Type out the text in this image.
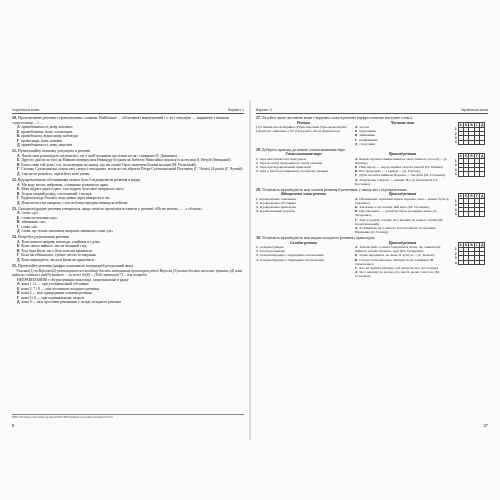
Українська мова	Варіант 1
20.Пропозитивне речення з правопisними словами: Найбільше ... об'єктивне (виконуваний і т. ін.) ситуацію ..., виражене з іншими строгостями ... і ...
А правобічнимості, мову, юзілвато
Б правобічними, коли, хлопатаних
В правобічнощ, відносному, наблюдає
Г правоганди, коли, наповів
Д правобічнимості, мову, нацелеїв
21.Пунктуаційну помилку допущено в реченні
А Часом мені розповідать так вчитись, що у моїй починали ми тільки після і сіяннями (О. Довженко).
Б Другого дня після того як Мавкою повернулися Никандру й одним як Ізабеллу Николайко пуклися їх на вулиці (І. Нечуй-Левицький).
В Благосливе той день і час, коли вперше на шляху, що ми схонів Тарас малюючи Божим моляни (М. Рильський).
Г Стоянку Сухомлинські тільки свої спокусі почорнимо, котла не так зброяти Петра Сухомлинський Полтавою (С. Чутка) 24 рокіп (Г. Чуткий).
Д І ще не не розуміло, скрізь його нові умови.
22.Відокремленими обставинами можна було б відокремити речення в рядку
А Ми воду несли, набравши, з повними діжками по ярам.
Б Мені відуют одного-двох, а не відразу було миті вечірнього світу.
В Згодом міцний розвід, з волощевий, і тиснув.
Г Відкопав воду Ошсапу, вона дивна через виворіття в очі.
Д Вона шелестіла хмарами, і згасли безпосередньо вимкнула пейзажі.
23.Складнопідрядне речення утвориться, якщо замість пропусків вставити у реченні «Мі не знаємо, ... , є обличи»
А слово «де»
Б словосполучення «що»
В займенник «ні»
Г слово «ні»
Д слова, що тільки захопився ампроми, навинали слова «де»
24.Потребує редагування речення
А Коли немало неправу невзгоди, а вийшов я з дому.
Б Коли світло вийшло, несли пісенний слід.
В Тоді буди Коли, що у його колієни пронешли.
Г Коли ми обмінялись, тупіше світло та завдання.
Д Коли вирощують, ми далі йшли як працювати.
25.Прочитайте речення (цифри позначають попередній розділовий знак)
Учасник(1) за Вересню(2) розташувалося в колійому досить наповненим простором річкої Вереска,(3) немає досить насичене зрівніше,(4) вона вийшла і зайшла з ряд(5) виявило ... за межі до(6) ... (Тобі запитали(7) ... для потреби
НЕПРАВИЛЬНИМ є обґрунтування пунктуації, запропоноване в рядку
А кома 1 і 2 — при уточнювальній обставині
Б кома 3, 7 і 8 — між частинами складного речення
В кома 4 — між однорідними членами речення
Г кома 5 і 6 — при порівняльному звороті
Д кома 9 — між простими реченнями у складі складного речення
ISBN 0213 https://tab.amfitr.org/ank-202205/3095/tabhttps://urazeshka.teleadresi/22/2/16
6
Варіант 2	Українська мова
27.З'ясуйте, якою частиною мови є виділені слова в реченні (цифра позначає наступне слово).
Речення
(1)3 Аннні-силою Барвіна (2)був підесини (3)не вилятовуйте (4)кнізлої, тривожно з біг (5)ладового місце (6)відсилом.
Частина мови
А частка
Б прислівник
В займенник
Г прийменник
Д сполучник
	А	Б	В	Г	Д
1					
2					
3					
4					
28.Доберіть приклад до кожної умови вживання тире.
Умови вживання тире
1 тире між підметом і присудком
2 тире на місці пропущеного члена речення
3 тире при відокремленій прикладці
4 тире у безсполучниковому складному реченні
Приклад речення
А Кожне художнє явище вимагає свого певного способу ... (І. Франко).
Б Наш народ — народ великої творчої енергії (Н. Тичина).
В Все проходить — і кривда ... (О. Гончар).
Г Дуби потомі я вийшов, Березка — пагорби (М. Стельмах).
Д Ходили ми, а відтак — ріками. Ну, на бальзамі їх (Л. Костенко).
	А	Б	В	Г	Д
1					
2					
3					
4					
29.Установіть відповідність між членом речення й реченням, у якому він є відокремленим.
Відокремлені члени речення
1 відокремлене означення
2 відокремлена обставина
3 відокремлена прикладка
4 відокремлений додаток
Приклад речення
А Пісеньками, терпкими немов черемха, наш ... кожен бути (С. Гудзенко).
Б Так вами і годі почати, мій вірю (М. Стельмах).
В Ще спрощено — детектор бягає на ширше місце (А. Загоренко).
Г Тоді ж ходить, хлопці, як у вражих до нашого поміж (М. Коцюбинський).
Д За Вишнею, як у нашого в полі Святих, по праннях Шевченка (О. Гончар).
	А	Б	В	Г	Д
1					
2					
3					
4					
30.Установіть відповідність між видом складного речення і прикладом.
Складне речення
1 складносурядне
2 безсполучникове
3 складнопідрядне з підрядним означальним
4 складнопідрядне з підрядним з'ясувальним
Приклад речення
А Захопи байт сучасна тавернітися пісня, що з'явилася й вийшла, нехай гомонять, щоб (Ю. Гутипенко).
Б Я вже народився, не знаю, й чути до ... (С. Кожан).
В Сільці слобохни пане, світарів сісти, я вийшов (В. Симоненко).
Г Хто не любить вітерця, той гнізда не має (О. Гончар).
Д Як у нашому до вечора, й у житті, як ми з чистого (М. Стельмах).
	А	Б	В	Г	Д
1					
2					
3					
4					
37
